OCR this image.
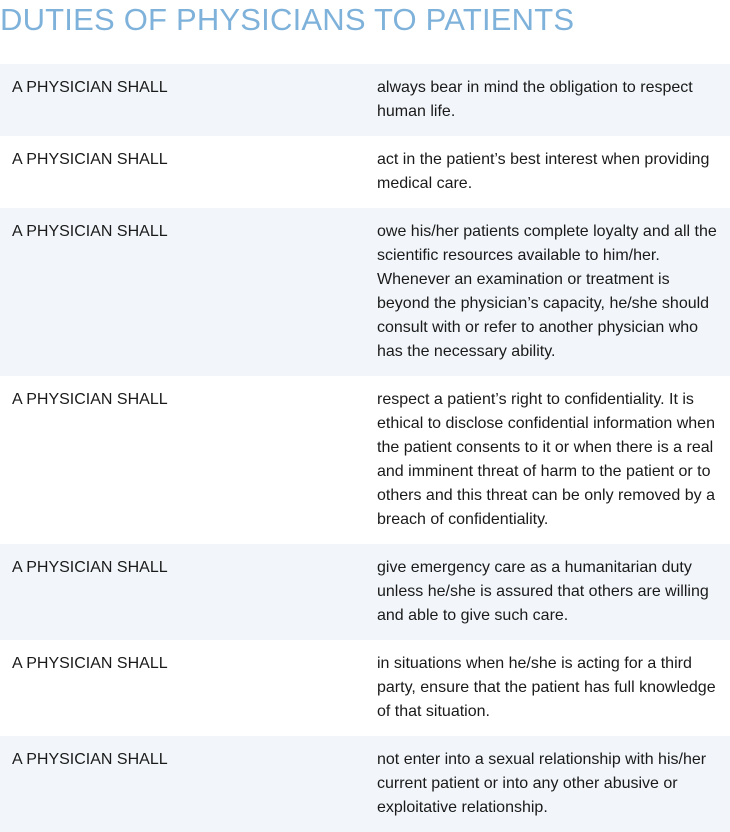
DUTIES OF PHYSICIANS TO PATIENTS
A PHYSICIAN SHALL	always bear in mind the obligation to respect
human life.
A PHYSICIAN SHALL	act in the patient’s best interest when providing
medical care.
A PHYSICIAN SHALL	owe his/her patients complete loyalty and all the
scientific resources available to him/her.
Whenever an examination or treatment is
beyond the physician’s capacity, he/she should
consult with or refer to another physician who
has the necessary ability.
A PHYSICIAN SHALL	respect a patient’s right to confidentiality. It is
ethical to disclose confidential information when
the patient consents to it or when there is a real
and imminent threat of harm to the patient or to
others and this threat can be only removed by a
breach of confidentiality.
A PHYSICIAN SHALL	give emergency care as a humanitarian duty
unless he/she is assured that others are willing
and able to give such care.
A PHYSICIAN SHALL	in situations when he/she is acting for a third
party, ensure that the patient has full knowledge
of that situation.
A PHYSICIAN SHALL	not enter into a sexual relationship with his/her
current patient or into any other abusive or
exploitative relationship.
